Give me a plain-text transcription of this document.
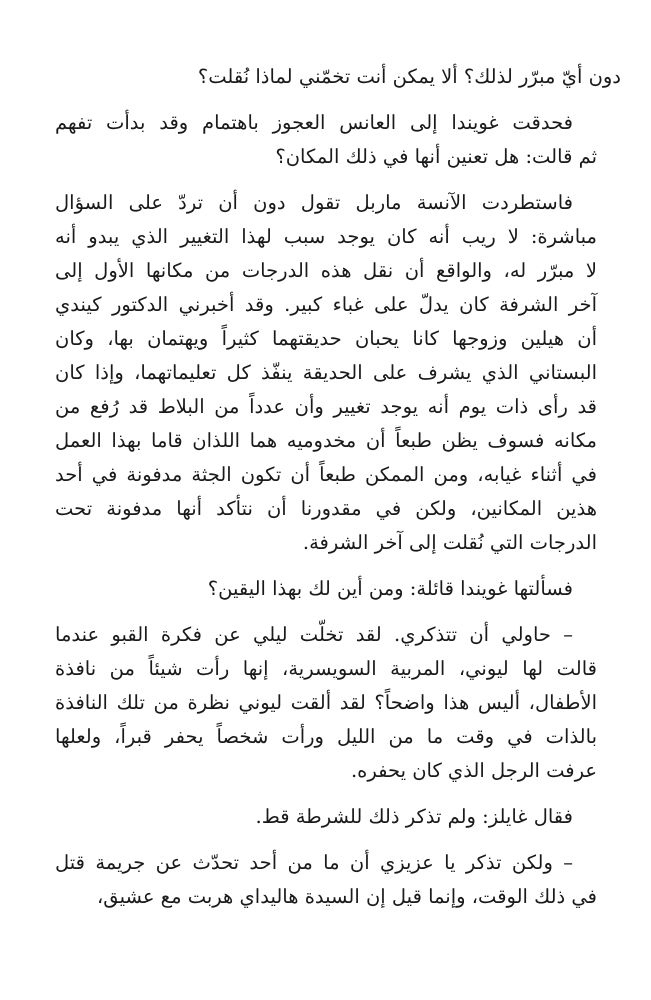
دون أيّ مبرّر لذلك؟ ألا يمكن أنت تخمّني لماذا نُقلت؟
فحدقت غويندا إلى العانس العجوز باهتمام وقد بدأت تفهم
ثم قالت: هل تعنين أنها في ذلك المكان؟
فاستطردت الآنسة ماربل تقول دون أن تردّ على السؤال
مباشرة: لا ريب أنه كان يوجد سبب لهذا التغيير الذي يبدو أنه
لا مبرّر له، والواقع أن نقل هذه الدرجات من مكانها الأول إلى
آخر الشرفة كان يدلّ على غباء كبير. وقد أخبرني الدكتور كيندي
أن هيلين وزوجها كانا يحبان حديقتهما كثيراً ويهتمان بها، وكان
البستاني الذي يشرف على الحديقة ينفّذ كل تعليماتهما، وإذا كان
قد رأى ذات يوم أنه يوجد تغيير وأن عدداً من البلاط قد رُفع من
مكانه فسوف يظن طبعاً أن مخدوميه هما اللذان قاما بهذا العمل
في أثناء غيابه، ومن الممكن طبعاً أن تكون الجثة مدفونة في أحد
هذين المكانين، ولكن في مقدورنا أن نتأكد أنها مدفونة تحت
الدرجات التي نُقلت إلى آخر الشرفة.
فسألتها غويندا قائلة: ومن أين لك بهذا اليقين؟
– حاولي أن تتذكري. لقد تخلّت ليلي عن فكرة القبو عندما
قالت لها ليوني، المربية السويسرية، إنها رأت شيئاً من نافذة
الأطفال، أليس هذا واضحاً؟ لقد ألقت ليوني نظرة من تلك النافذة
بالذات في وقت ما من الليل ورأت شخصاً يحفر قبراً، ولعلها
عرفت الرجل الذي كان يحفره.
فقال غايلز: ولم تذكر ذلك للشرطة قط.
– ولكن تذكر يا عزيزي أن ما من أحد تحدّث عن جريمة قتل
في ذلك الوقت، وإنما قيل إن السيدة هاليداي هربت مع عشيق،
